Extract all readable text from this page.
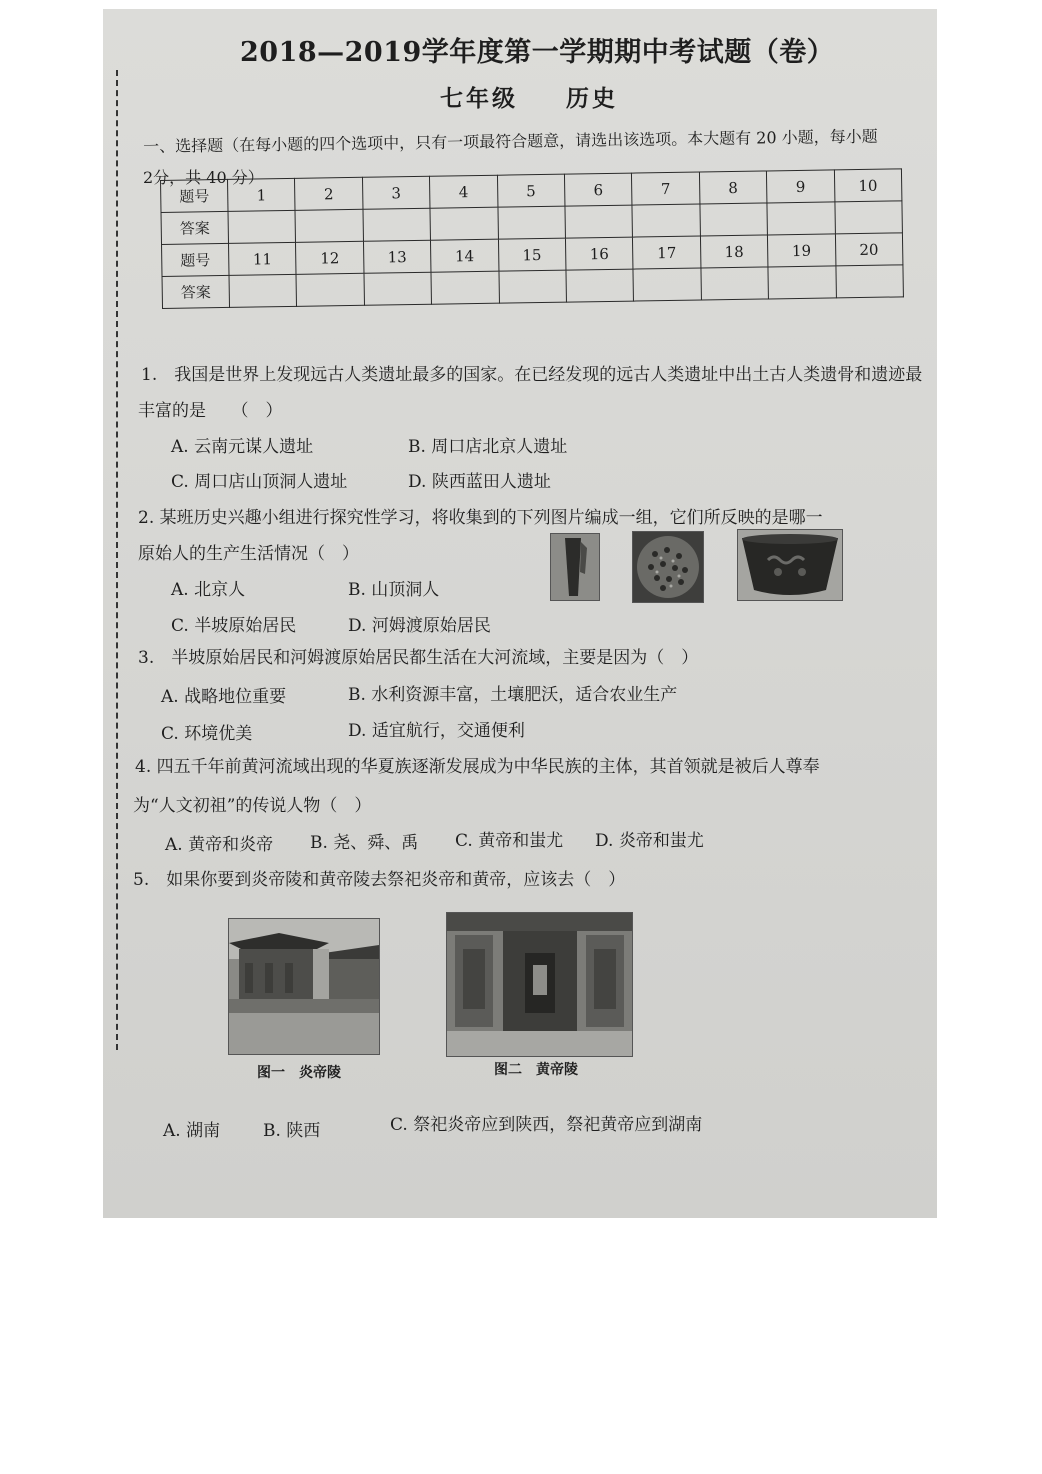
2018—2019学年度第一学期期中考试题（卷）
七年级 历史
一、选择题（在每小题的四个选项中，只有一项最符合题意，请选出该选项。本大题有 20 小题，每小题
2分，共 40 分）
题号	1	2	3	4	5	6	7	8	9	10
答案										
题号	11	12	13	14	15	16	17	18	19	20
答案										
1.　我国是世界上发现远古人类遗址最多的国家。在已经发现的远古人类遗址中出土古人类遗骨和遗迹最
丰富的是　　（　）
A. 云南元谋人遗址	B. 周口店北京人遗址
C. 周口店山顶洞人遗址	D. 陕西蓝田人遗址
2. 某班历史兴趣小组进行探究性学习，将收集到的下列图片编成一组，它们所反映的是哪一
原始人的生产生活情况（　）
A. 北京人	B. 山顶洞人
C. 半坡原始居民	D. 河姆渡原始居民
3.　半坡原始居民和河姆渡原始居民都生活在大河流域，主要是因为（　）
A. 战略地位重要	B. 水利资源丰富，土壤肥沃，适合农业生产
C. 环境优美	D. 适宜航行，交通便利
4. 四五千年前黄河流域出现的华夏族逐渐发展成为中华民族的主体，其首领就是被后人尊奉
为“人文初祖”的传说人物（　）
A. 黄帝和炎帝 B. 尧、舜、禹 C. 黄帝和蚩尤 D. 炎帝和蚩尤
5.　如果你要到炎帝陵和黄帝陵去祭祀炎帝和黄帝，应该去（　）
图一　炎帝陵	图二　黄帝陵
A. 湖南	B. 陕西	C. 祭祀炎帝应到陕西，祭祀黄帝应到湖南
